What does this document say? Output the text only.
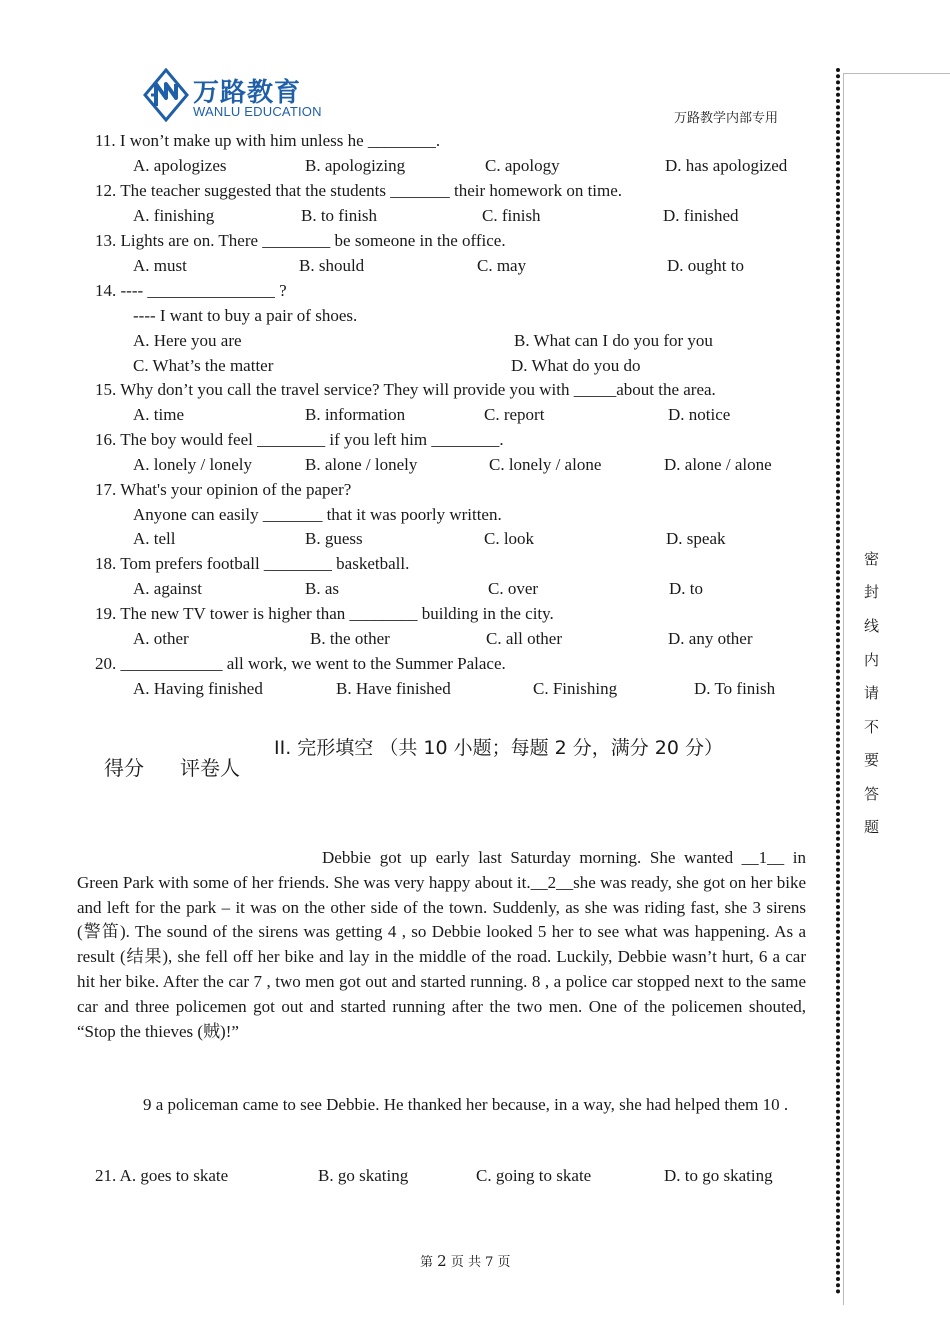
万路教育
WANLU EDUCATION	万路教学内部专用
11. I won’t make up with him unless he ________.
A. apologizes	B. apologizing	C. apology	D. has apologized
12. The teacher suggested that the students _______ their homework on time.
A. finishing	B. to finish	C. finish	D. finished
13. Lights are on. There ________ be someone in the office.
A. must	B. should	C. may	D. ought to
14. ---- _______________ ?
---- I want to buy a pair of shoes.
A. Here you are	B. What can I do you for you
C. What’s the matter	D. What do you do
15. Why don’t you call the travel service? They will provide you with _____about the area.
A. time	B. information	C. report	D. notice
16. The boy would feel ________ if you left him ________.
A. lonely / lonely	B. alone / lonely	C. lonely / alone	D. alone / alone
17. What's your opinion of the paper?
Anyone can easily _______ that it was poorly written.
A. tell	B. guess	C. look	D. speak
18. Tom prefers football ________ basketball.
A. against	B. as	C. over	D. to
19. The new TV tower is higher than ________ building in the city.
A. other	B. the other	C. all other	D. any other
20. ____________ all work, we went to the Summer Palace.
A. Having finished	B. Have finished	C. Finishing	D. To finish
II. 完形填空 （共 10 小题；每题 2 分，满分 20 分）
得分 评卷人
Debbie got up early last Saturday morning. She wanted __1__ in Green Park with some of her friends. She was very happy about it.__2__she was ready, she got on her bike and left for the park – it was on the other side of the town. Suddenly, as she was riding fast, she 3 sirens (警笛). The sound of the sirens was getting 4 , so Debbie looked 5 her to see what was happening. As a result (结果), she fell off her bike and lay in the middle of the road. Luckily, Debbie wasn’t hurt, 6 a car hit her bike. After the car 7 , two men got out and started running. 8 , a police car stopped next to the same car and three policemen got out and started running after the two men. One of the policemen shouted, “Stop the thieves (贼)!”
9 a policeman came to see Debbie. He thanked her because, in a way, she had helped them 10 .
21. A. goes to skate	B. go skating	C. going to skate	D. to go skating
密
封
线
内
请
不
要
答
题
第 2 页 共 7 页
